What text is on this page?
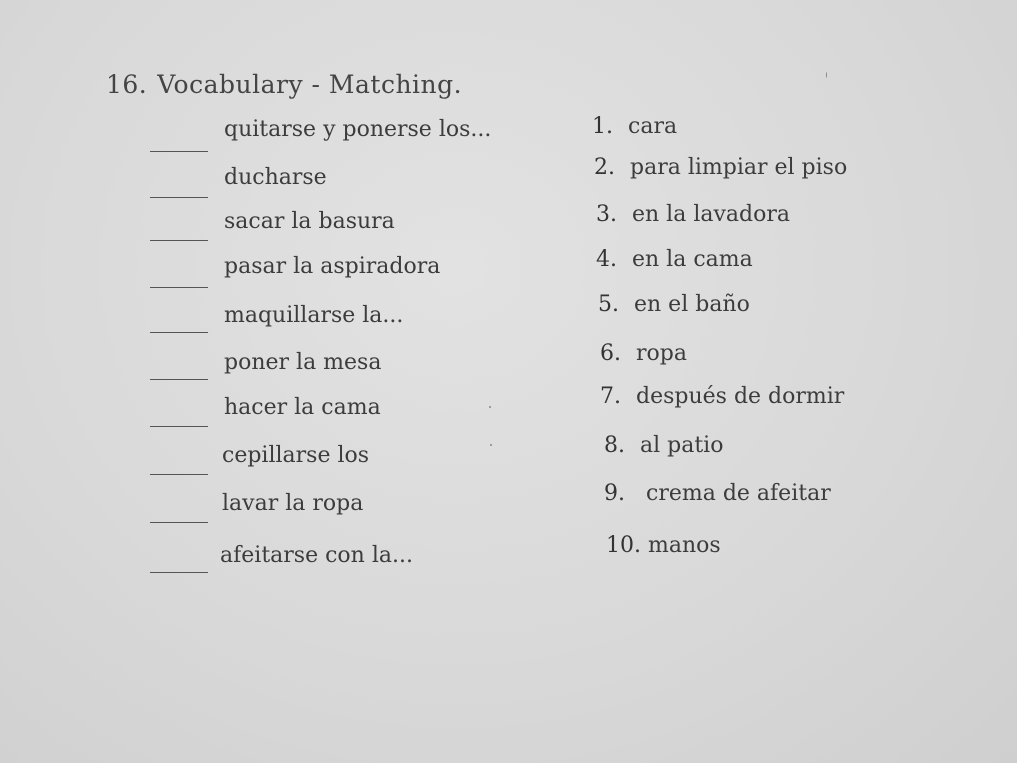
16. Vocabulary - Matching.
quitarse y ponerse los...
ducharse
sacar la basura
pasar la aspiradora
maquillarse la...
poner la mesa
hacer la cama
cepillarse los
lavar la ropa
afeitarse con la...
1. cara
2. para limpiar el piso
3. en la lavadora
4. en la cama
5. en el baño
6. ropa
7. después de dormir
8. al patio
9. crema de afeitar
10. manos
